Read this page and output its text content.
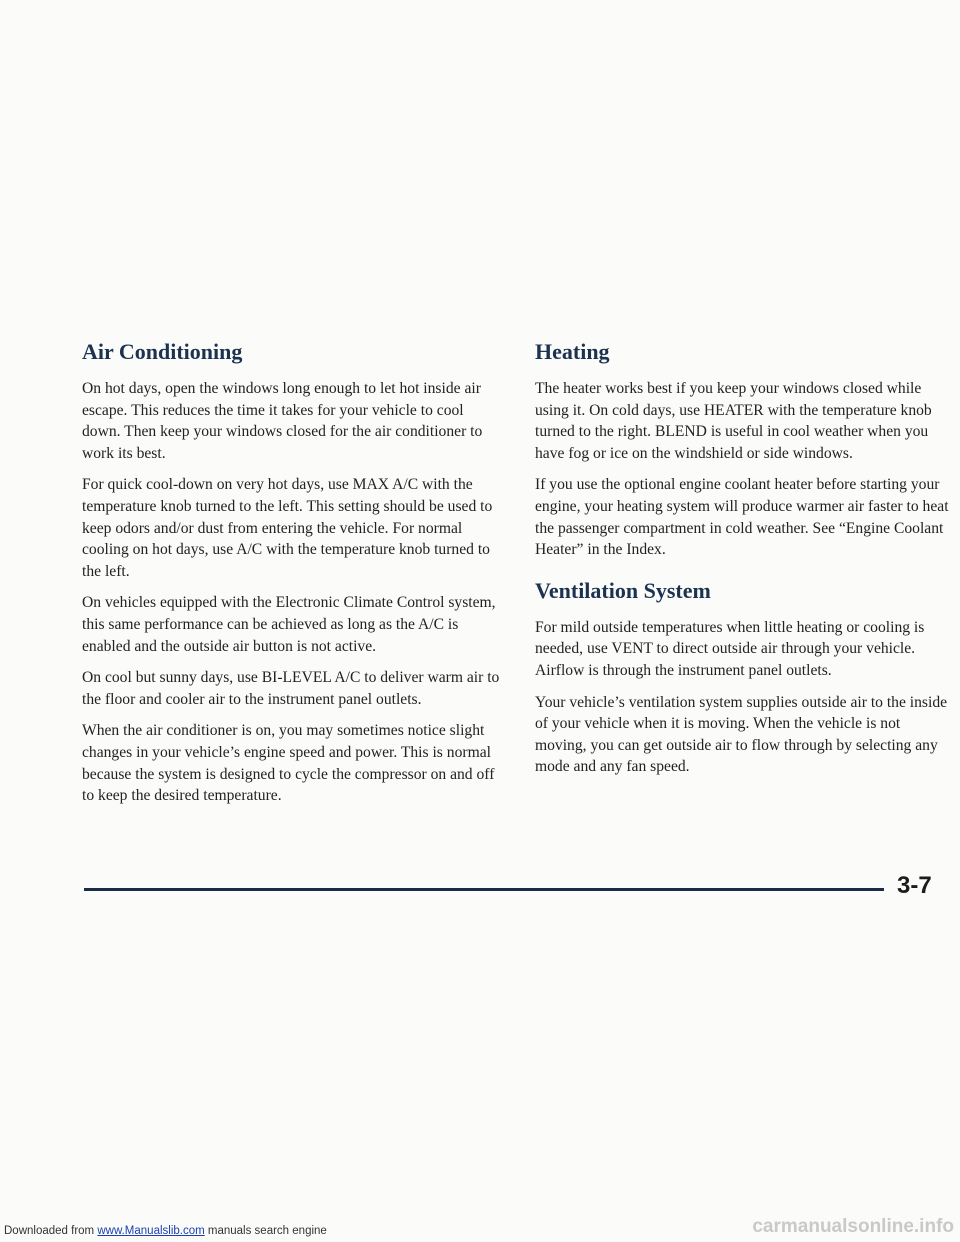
Air Conditioning

On hot days, open the windows long enough to let hot inside air escape. This reduces the time it takes for your vehicle to cool down. Then keep your windows closed for the air conditioner to work its best.

For quick cool-down on very hot days, use MAX A/C with the temperature knob turned to the left. This setting should be used to keep odors and/or dust from entering the vehicle. For normal cooling on hot days, use A/C with the temperature knob turned to the left.

On vehicles equipped with the Electronic Climate Control system, this same performance can be achieved as long as the A/C is enabled and the outside air button is not active.

On cool but sunny days, use BI-LEVEL A/C to deliver warm air to the floor and cooler air to the instrument panel outlets.

When the air conditioner is on, you may sometimes notice slight changes in your vehicle’s engine speed and power. This is normal because the system is designed to cycle the compressor on and off to keep the desired temperature.

Heating

The heater works best if you keep your windows closed while using it. On cold days, use HEATER with the temperature knob turned to the right. BLEND is useful in cool weather when you have fog or ice on the windshield or side windows.

If you use the optional engine coolant heater before starting your engine, your heating system will produce warmer air faster to heat the passenger compartment in cold weather. See “Engine Coolant Heater” in the Index.

Ventilation System

For mild outside temperatures when little heating or cooling is needed, use VENT to direct outside air through your vehicle. Airflow is through the instrument panel outlets.

Your vehicle’s ventilation system supplies outside air to the inside of your vehicle when it is moving. When the vehicle is not moving, you can get outside air to flow through by selecting any mode and any fan speed.

3-7
Downloaded from www.Manualslib.com manuals search engine	carmanualsonline.info
